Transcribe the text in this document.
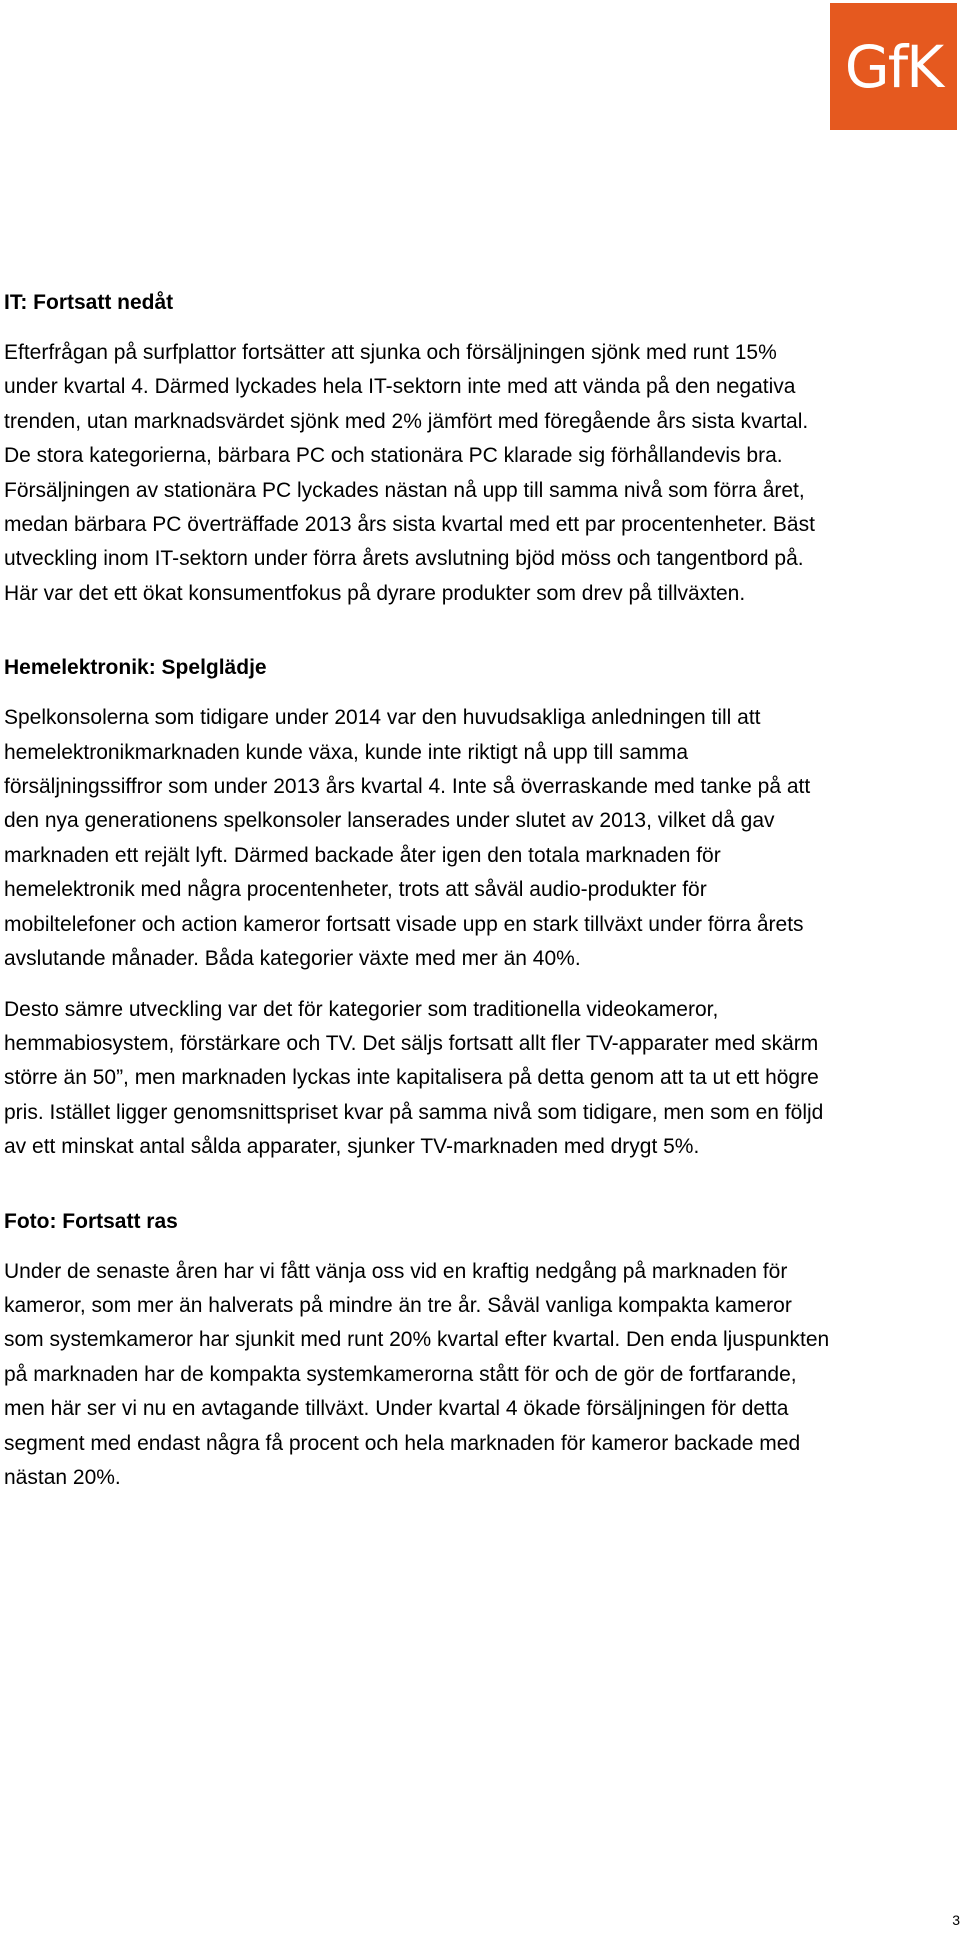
GfK
IT: Fortsatt nedåt

Efterfrågan på surfplattor fortsätter att sjunka och försäljningen sjönk med runt 15% under kvartal 4. Därmed lyckades hela IT-sektorn inte med att vända på den negativa trenden, utan marknadsvärdet sjönk med 2% jämfört med föregående års sista kvartal. De stora kategorierna, bärbara PC och stationära PC klarade sig förhållandevis bra. Försäljningen av stationära PC lyckades nästan nå upp till samma nivå som förra året, medan bärbara PC överträffade 2013 års sista kvartal med ett par procentenheter. Bäst utveckling inom IT-sektorn under förra årets avslutning bjöd möss och tangentbord på. Här var det ett ökat konsumentfokus på dyrare produkter som drev på tillväxten.

Hemelektronik: Spelglädje

Spelkonsolerna som tidigare under 2014 var den huvudsakliga anledningen till att hemelektronikmarknaden kunde växa, kunde inte riktigt nå upp till samma försäljningssiffror som under 2013 års kvartal 4. Inte så överraskande med tanke på att den nya generationens spelkonsoler lanserades under slutet av 2013, vilket då gav marknaden ett rejält lyft. Därmed backade åter igen den totala marknaden för hemelektronik med några procentenheter, trots att såväl audio-produkter för mobiltelefoner och action kameror fortsatt visade upp en stark tillväxt under förra årets avslutande månader. Båda kategorier växte med mer än 40%.

Desto sämre utveckling var det för kategorier som traditionella videokameror, hemmabiosystem, förstärkare och TV. Det säljs fortsatt allt fler TV-apparater med skärm större än 50”, men marknaden lyckas inte kapitalisera på detta genom att ta ut ett högre pris. Istället ligger genomsnittspriset kvar på samma nivå som tidigare, men som en följd av ett minskat antal sålda apparater, sjunker TV-marknaden med drygt 5%.

Foto: Fortsatt ras

Under de senaste åren har vi fått vänja oss vid en kraftig nedgång på marknaden för kameror, som mer än halverats på mindre än tre år. Såväl vanliga kompakta kameror som systemkameror har sjunkit med runt 20% kvartal efter kvartal. Den enda ljuspunkten på marknaden har de kompakta systemkamerorna stått för och de gör de fortfarande, men här ser vi nu en avtagande tillväxt. Under kvartal 4 ökade försäljningen för detta segment med endast några få procent och hela marknaden för kameror backade med nästan 20%.

3
